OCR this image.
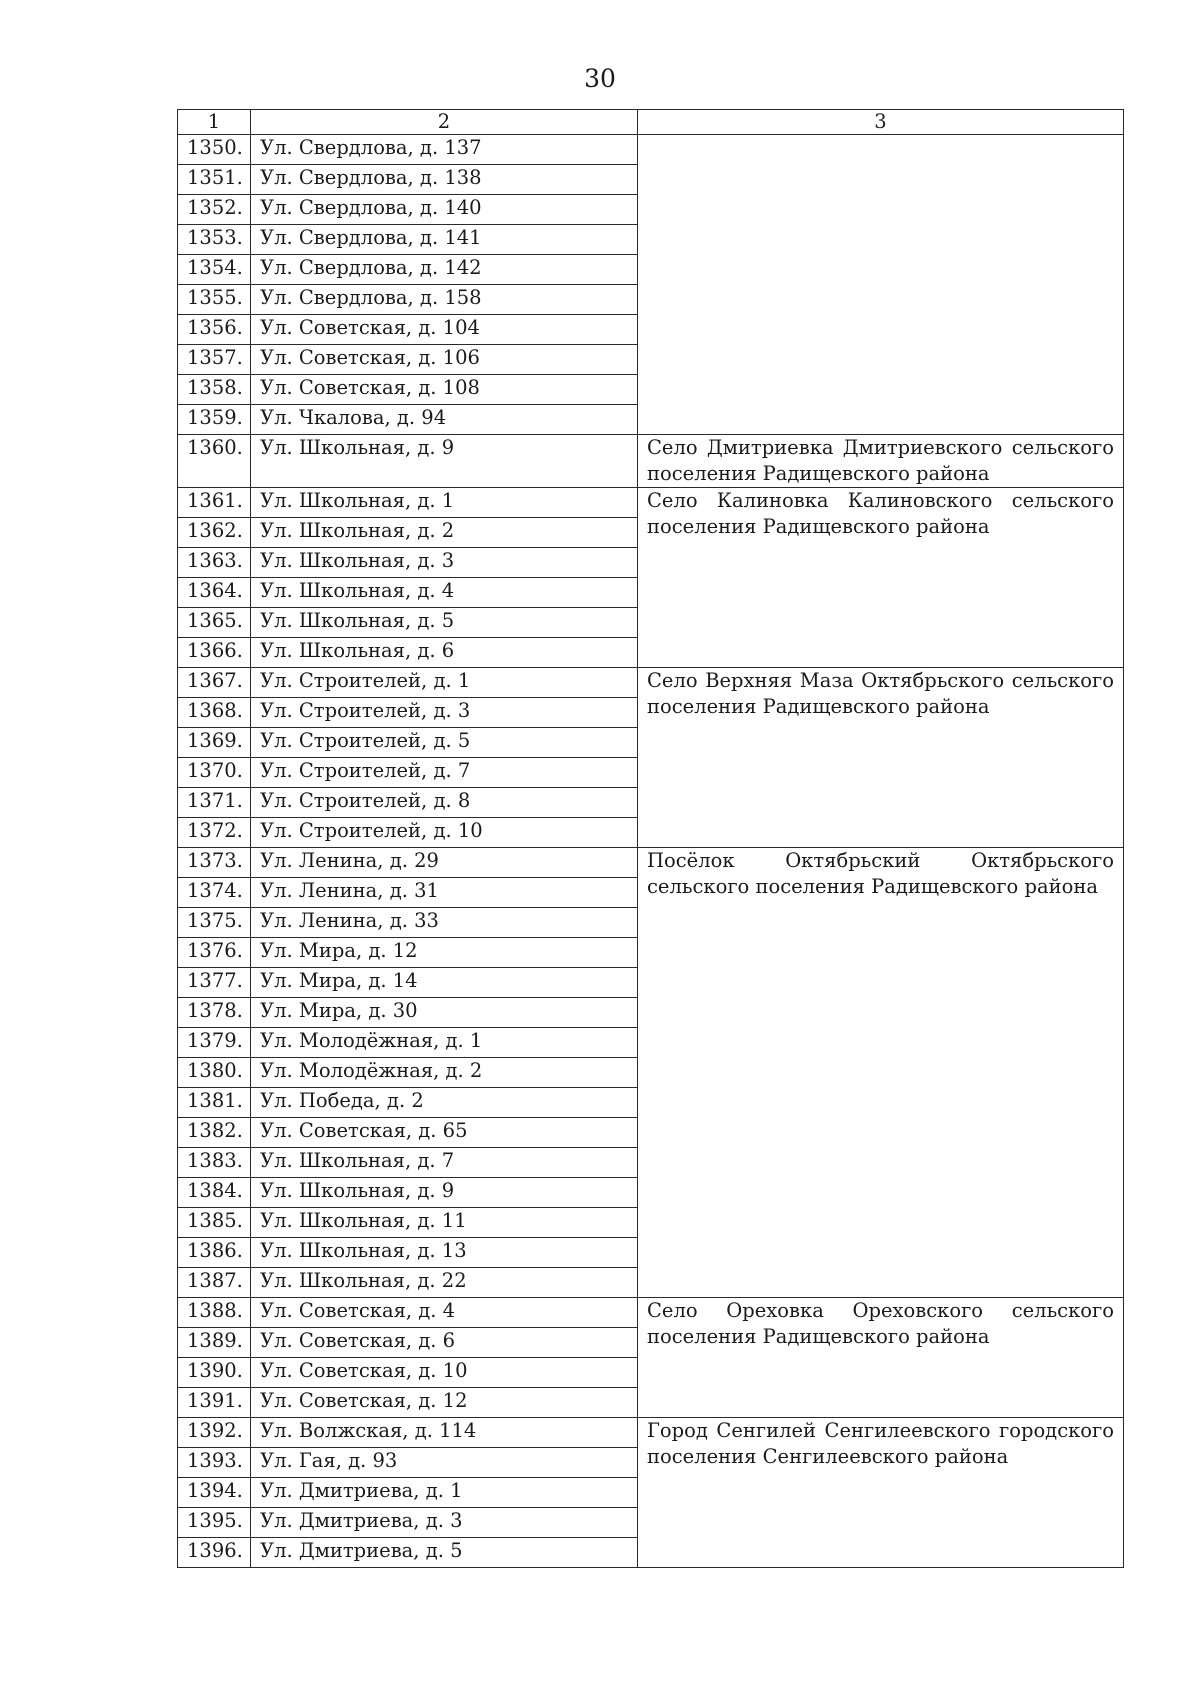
30
1	2	3
1350.	Ул. Свердлова, д. 137	
1351.	Ул. Свердлова, д. 138	
1352.	Ул. Свердлова, д. 140	
1353.	Ул. Свердлова, д. 141	
1354.	Ул. Свердлова, д. 142	
1355.	Ул. Свердлова, д. 158	
1356.	Ул. Советская, д. 104	
1357.	Ул. Советская, д. 106	
1358.	Ул. Советская, д. 108	
1359.	Ул. Чкалова, д. 94	
1360.	Ул. Школьная, д. 9	Село Дмитриевка Дмитриевского сельского поселения Радищевского района
1361.	Ул. Школьная, д. 1	Село Калиновка Калиновского сельского поселения Радищевского района
1362.	Ул. Школьная, д. 2	
1363.	Ул. Школьная, д. 3	
1364.	Ул. Школьная, д. 4	
1365.	Ул. Школьная, д. 5	
1366.	Ул. Школьная, д. 6	
1367.	Ул. Строителей, д. 1	Село Верхняя Маза Октябрьского сельского поселения Радищевского района
1368.	Ул. Строителей, д. 3	
1369.	Ул. Строителей, д. 5	
1370.	Ул. Строителей, д. 7	
1371.	Ул. Строителей, д. 8	
1372.	Ул. Строителей, д. 10	
1373.	Ул. Ленина, д. 29	Посёлок Октябрьский Октябрьского сельского поселения Радищевского района
1374.	Ул. Ленина, д. 31	
1375.	Ул. Ленина, д. 33	
1376.	Ул. Мира, д. 12	
1377.	Ул. Мира, д. 14	
1378.	Ул. Мира, д. 30	
1379.	Ул. Молодёжная, д. 1	
1380.	Ул. Молодёжная, д. 2	
1381.	Ул. Победа, д. 2	
1382.	Ул. Советская, д. 65	
1383.	Ул. Школьная, д. 7	
1384.	Ул. Школьная, д. 9	
1385.	Ул. Школьная, д. 11	
1386.	Ул. Школьная, д. 13	
1387.	Ул. Школьная, д. 22	
1388.	Ул. Советская, д. 4	Село Ореховка Ореховского сельского поселения Радищевского района
1389.	Ул. Советская, д. 6	
1390.	Ул. Советская, д. 10	
1391.	Ул. Советская, д. 12	
1392.	Ул. Волжская, д. 114	Город Сенгилей Сенгилеевского городского поселения Сенгилеевского района
1393.	Ул. Гая, д. 93	
1394.	Ул. Дмитриева, д. 1	
1395.	Ул. Дмитриева, д. 3	
1396.	Ул. Дмитриева, д. 5	
